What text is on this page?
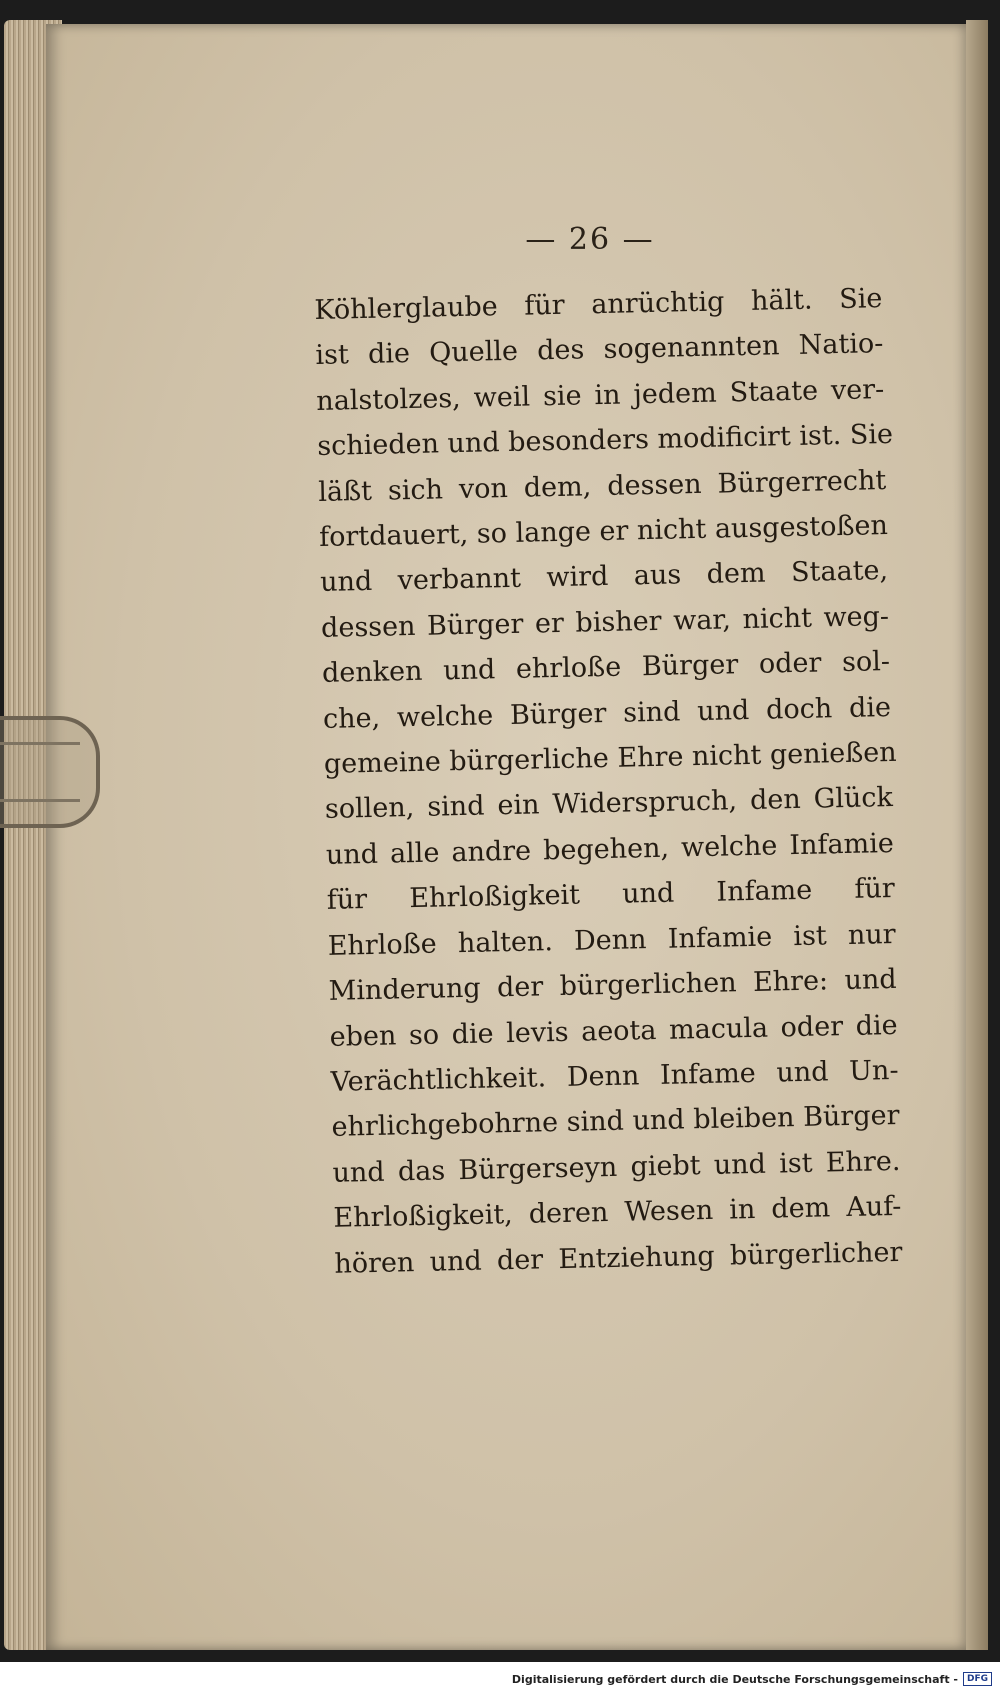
— 26 —
Köhlerglaube für anrüchtig hält. Sie
ist die Quelle des sogenannten Natio-
nalstolzes, weil sie in jedem Staate ver-
schieden und besonders modificirt ist. Sie
läßt sich von dem, dessen Bürgerrecht
fortdauert, so lange er nicht ausgestoßen
und verbannt wird aus dem Staate,
dessen Bürger er bisher war, nicht weg-
denken und ehrloße Bürger oder sol-
che, welche Bürger sind und doch die
gemeine bürgerliche Ehre nicht genießen
sollen, sind ein Widerspruch, den Glück
und alle andre begehen, welche Infamie
für Ehrloßigkeit und Infame für
Ehrloße halten. Denn Infamie ist nur
Minderung der bürgerlichen Ehre: und
eben so die levis aeota macula oder die
Verächtlichkeit. Denn Infame und Un-
ehrlichgebohrne sind und bleiben Bürger
und das Bürgerseyn giebt und ist Ehre.
Ehrloßigkeit, deren Wesen in dem Auf-
hören und der Entziehung bürgerlicher
Digitalisierung gefördert durch die Deutsche Forschungsgemeinschaft -	DFG
